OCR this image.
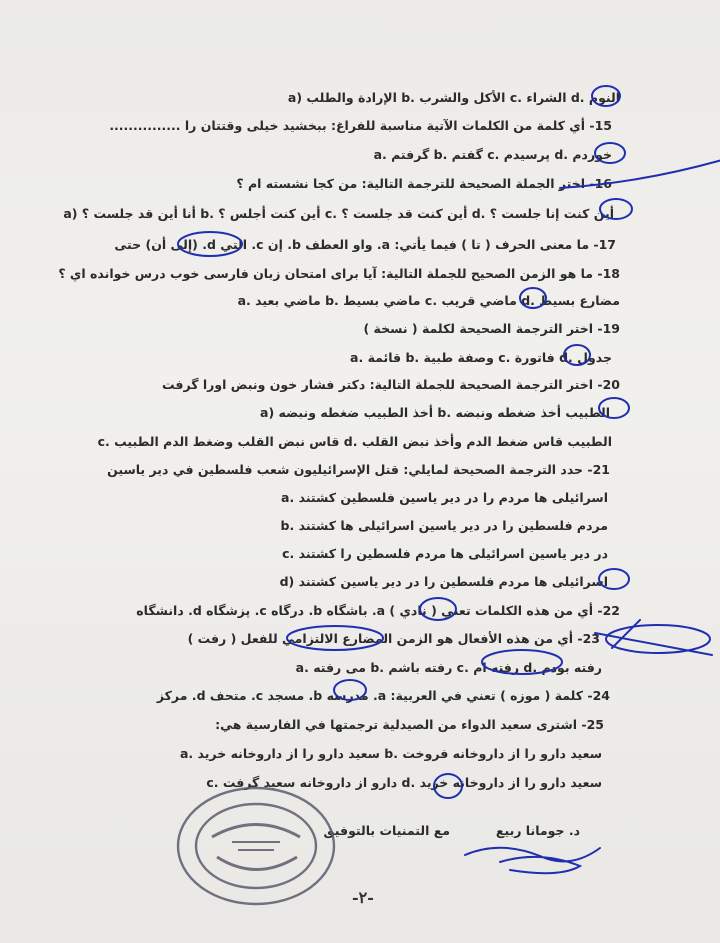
a) الإرادة والطلب b. الأكل والشرب c. الشراء d. النوم
15- أي كلمة من الكلمات الآتية مناسبة للفراغ: ببخشيد خيلى وقتتان را ...............
a. گرفتم b. گفتم c. پرسيدم d. خوردم
16- اختر الجملة الصحيحة للترجمة التالية: من كجا نشسته ام ؟
a) أنا أين قد جلست ؟ b. أين كنت أجلس ؟ c. أين كنت قد جلست ؟ d. أين كنت إنا جلست ؟
17- ما معنى الحرف ( تا ) فيما يأتي: a. واو العطف b. إن c. التي d. (إلى أن) حتى
18- ما هو الزمن الصحيح للجملة التالية: آيا براى امتحان زبان فارسى خوب درس خوانده اي ؟
a. ماضي بعيد b. ماضي بسيط c. ماضي قريب d. مضارع بسيط
19- اختر الترجمة الصحيحة لكلمة ( نسخة )
a. قائمة b. وصفة طبية c. فاتورة d. جدول
20- اختر الترجمة الصحيحة للجملة التالية: دكتر فشار خون ونبض اورا گرفت
a) أخذ الطبيب ضغطه ونبضه b. الطبيب أخذ ضغطه ونبضه
c. قاس نبض القلب وضغط الدم الطبيب d. الطبيب قاس ضغط الدم وأخذ نبض القلب
21- حدد الترجمة الصحيحة لمايلي: قتل الإسرائيليون شعب فلسطين في دير ياسين
a. اسرائيلى ها مردم را در دير ياسين فلسطين كشتند
b. مردم فلسطين را در دير ياسين اسرائيلى ها كشتند
c. در دير ياسين اسرائيلى ها مردم فلسطين را كشتند
d) اسرائيلى ها مردم فلسطين را در دير ياسين كشتند
22- أي من هذه الكلمات تعني ( نادي ) a. باشگاه b. درگاه c. پزشگاه d. دانشگاه
23- أي من هذه الأفعال هو الزمن المضارع الالتزامي للفعل ( رفت )
a. مى رفته b. رفته باشم c. رفته ام d. رفته بودم
24- كلمة ( موزه ) تعني في العربية: a. مدرسه b. مسجد c. متحف d. مركز
25- اشترى سعيد الدواء من الصيدلية ترجمتها في الفارسية هي:
a. سعيد دارو را از داروخانه خريد b. سعيد دارو را از داروخانه فروخت
c. دارو از داروخانه سعيد گرفت d. سعيد دارو را از داروخانه خريد
د. جومانا ربيع
مع التمنيات بالتوفيق
-٢-
